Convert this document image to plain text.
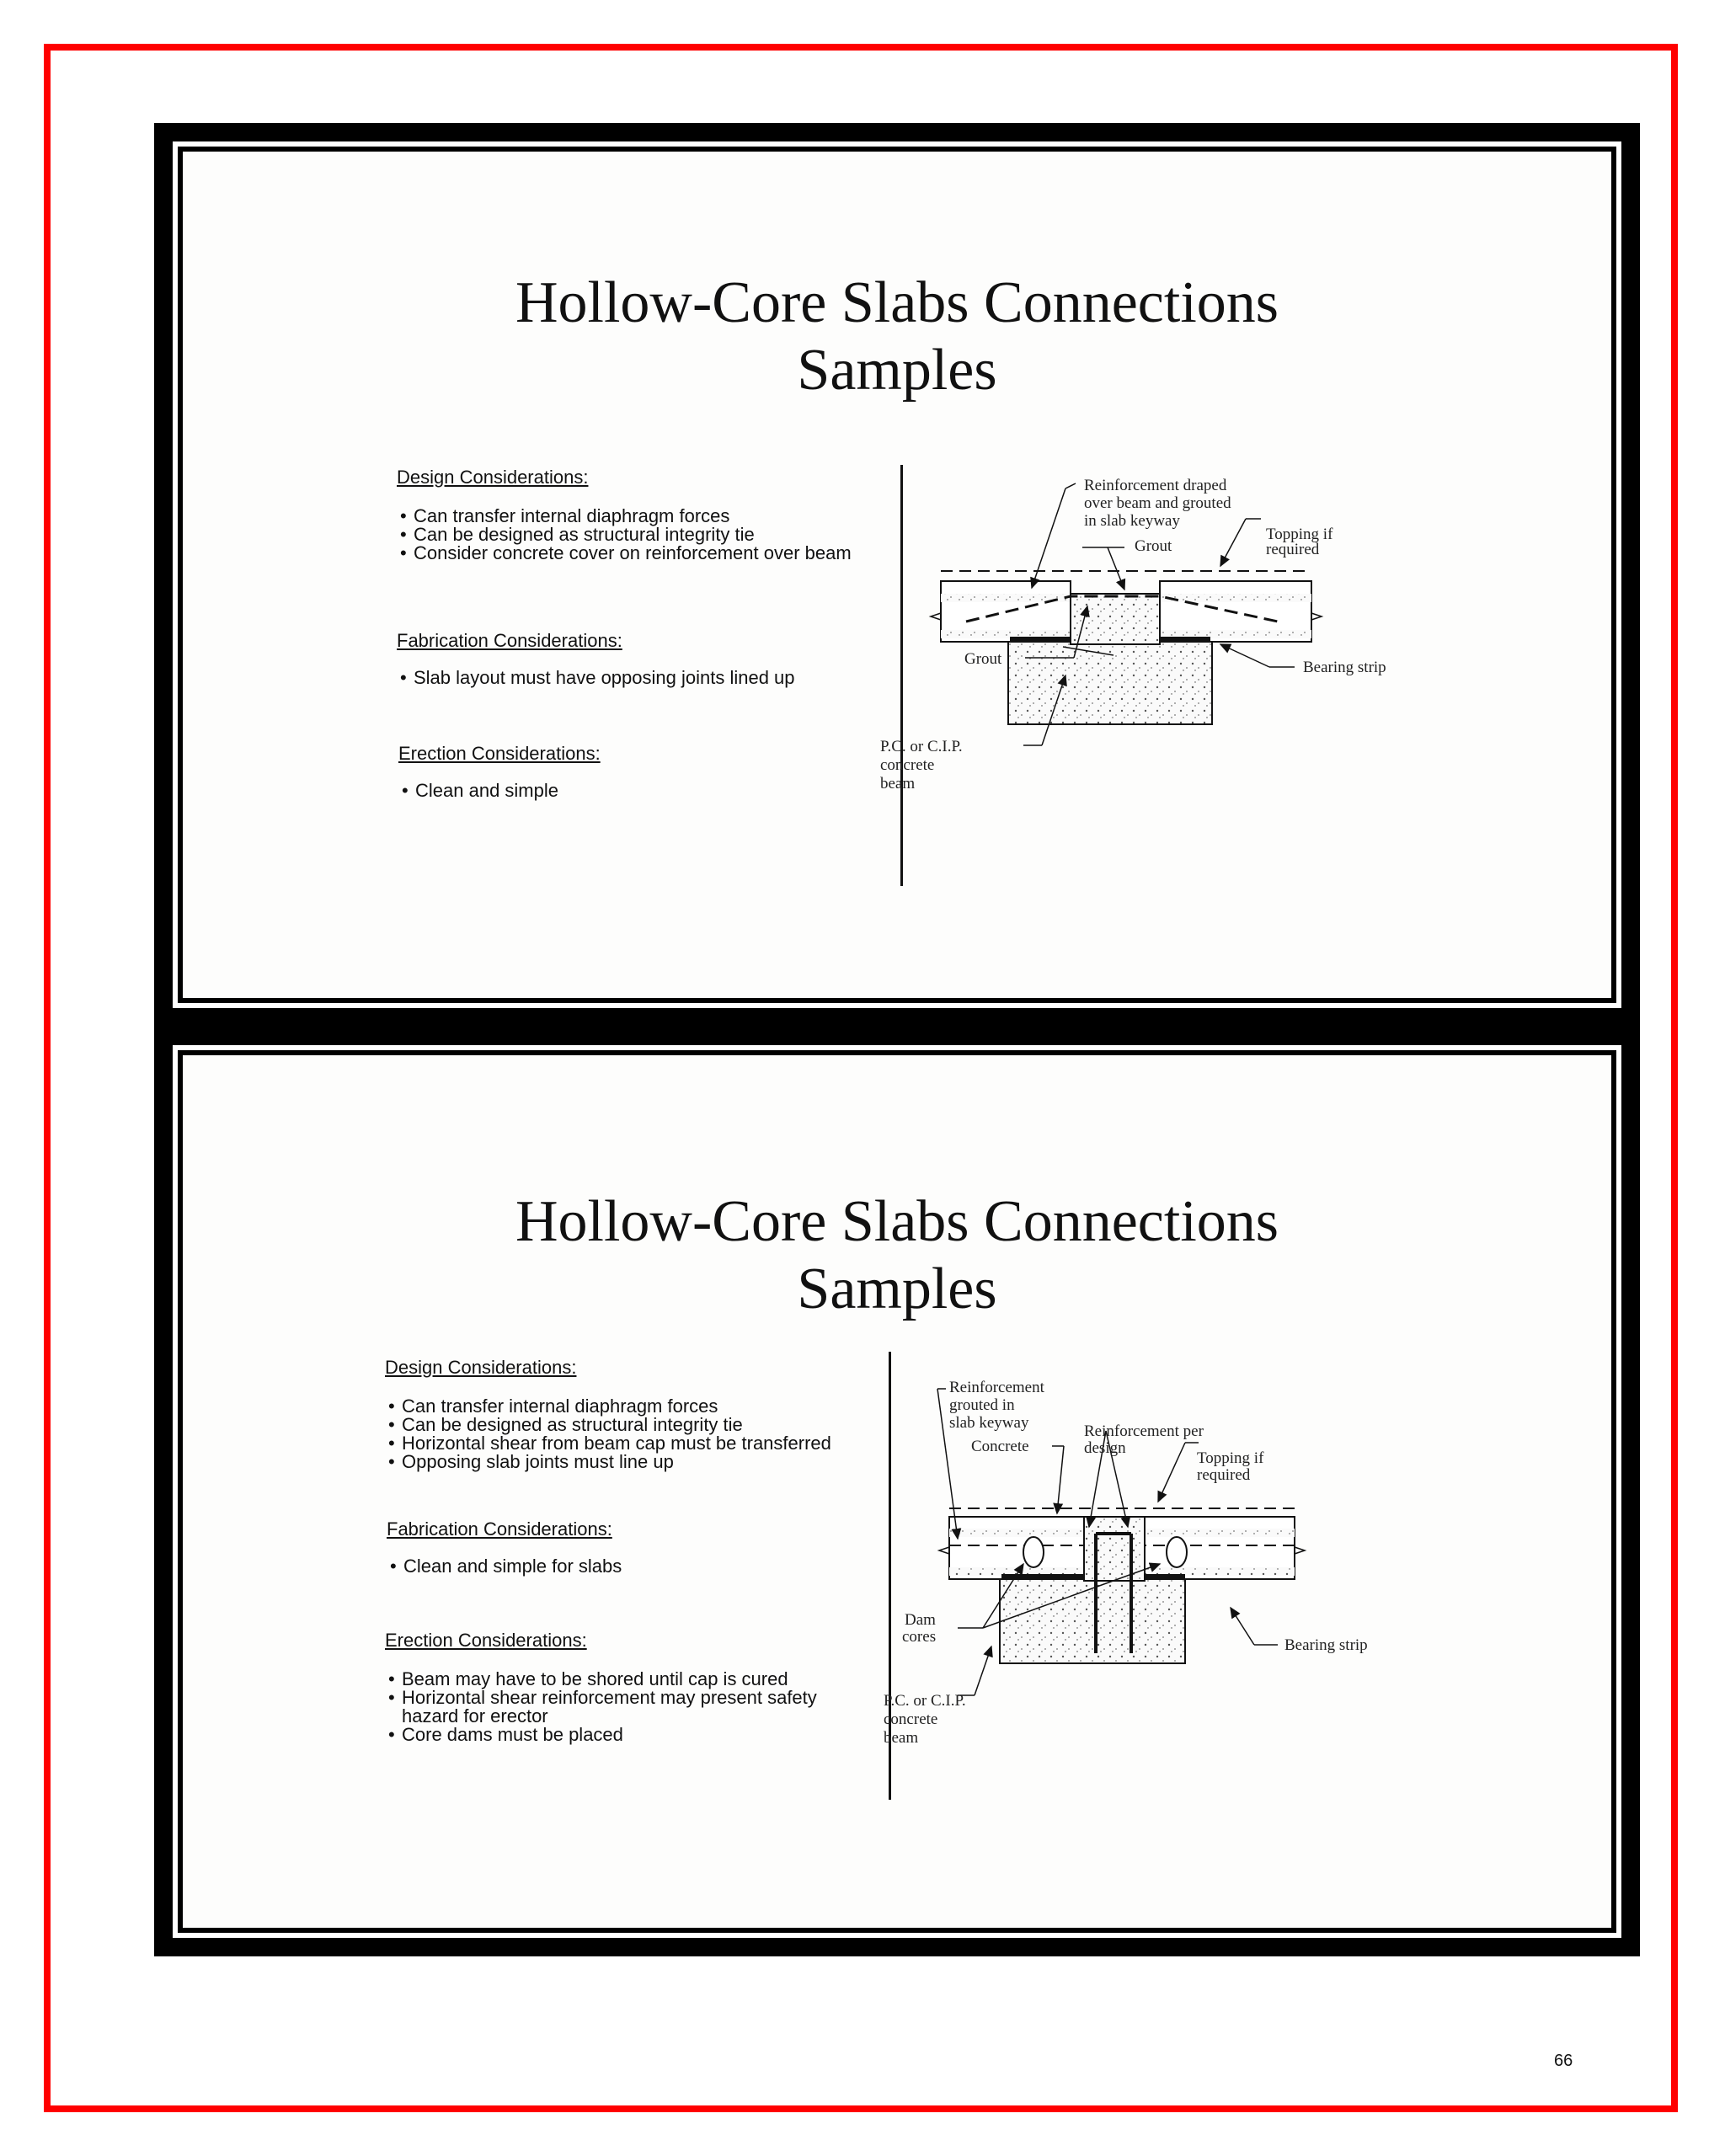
Hollow-Core Slabs Connections
Samples

Design Considerations:

• Can transfer internal diaphragm forces
• Can be designed as structural integrity tie
• Consider concrete cover on reinforcement over beam

Fabrication Considerations:

• Slab layout must have opposing joints lined up

Erection Considerations:

• Clean and simple
Reinforcement draped
over beam and grouted
in slab keyway
Grout
Topping if
required
Grout	Bearing strip
P.C. or C.I.P.
concrete
beam
Hollow-Core Slabs Connections
Samples

Design Considerations:

• Can transfer internal diaphragm forces
• Can be designed as structural integrity tie
• Horizontal shear from beam cap must be transferred
• Opposing slab joints must line up

Fabrication Considerations:

• Clean and simple for slabs

Erection Considerations:

• Beam may have to be shored until cap is cured
• Horizontal shear reinforcement may present safety hazard for erector
• Core dams must be placed
Reinforcement
grouted in
slab keyway
Concrete
Reinforcement per
design
Topping if
required
Dam
cores	Bearing strip
P.C. or C.I.P.
concrete
beam
66
